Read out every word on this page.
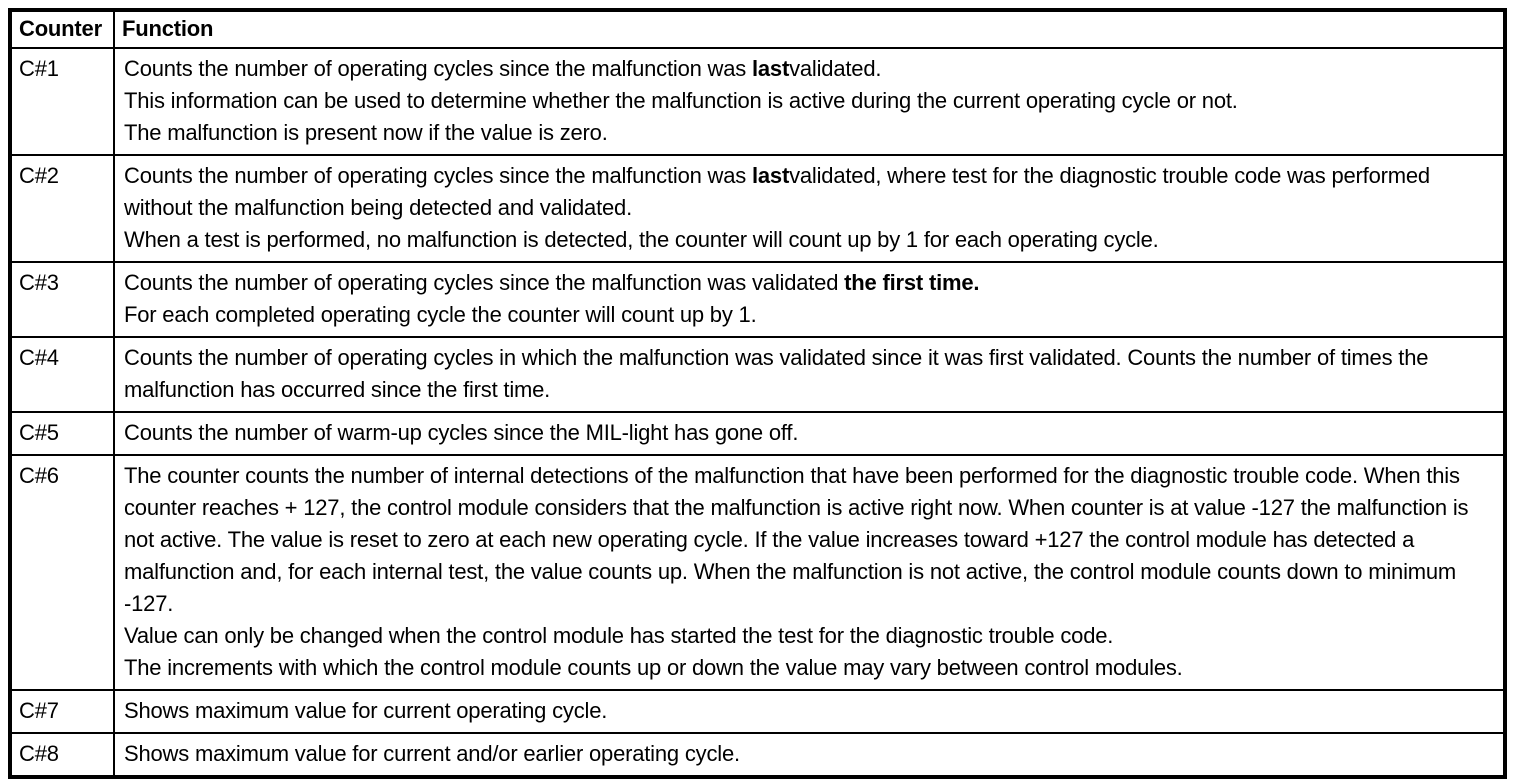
Counter	Function
C#1	Counts the number of operating cycles since the malfunction was lastvalidated.
This information can be used to determine whether the malfunction is active during the current operating cycle or not.
The malfunction is present now if the value is zero.

C#2	Counts the number of operating cycles since the malfunction was lastvalidated, where test for the diagnostic trouble code was performed without the malfunction being detected and validated.
When a test is performed, no malfunction is detected, the counter will count up by 1 for each operating cycle.

C#3	Counts the number of operating cycles since the malfunction was validated the first time.
For each completed operating cycle the counter will count up by 1.

C#4	Counts the number of operating cycles in which the malfunction was validated since it was first validated. Counts the number of times the malfunction has occurred since the first time.

C#5	Counts the number of warm-up cycles since the MIL-light has gone off.

C#6	The counter counts the number of internal detections of the malfunction that have been performed for the diagnostic trouble code. When this counter reaches + 127, the control module considers that the malfunction is active right now. When counter is at value -127 the malfunction is not active. The value is reset to zero at each new operating cycle. If the value increases toward +127 the control module has detected a malfunction and, for each internal test, the value counts up. When the malfunction is not active, the control module counts down to minimum -127.
Value can only be changed when the control module has started the test for the diagnostic trouble code.
The increments with which the control module counts up or down the value may vary between control modules.

C#7	Shows maximum value for current operating cycle.

C#8	Shows maximum value for current and/or earlier operating cycle.
